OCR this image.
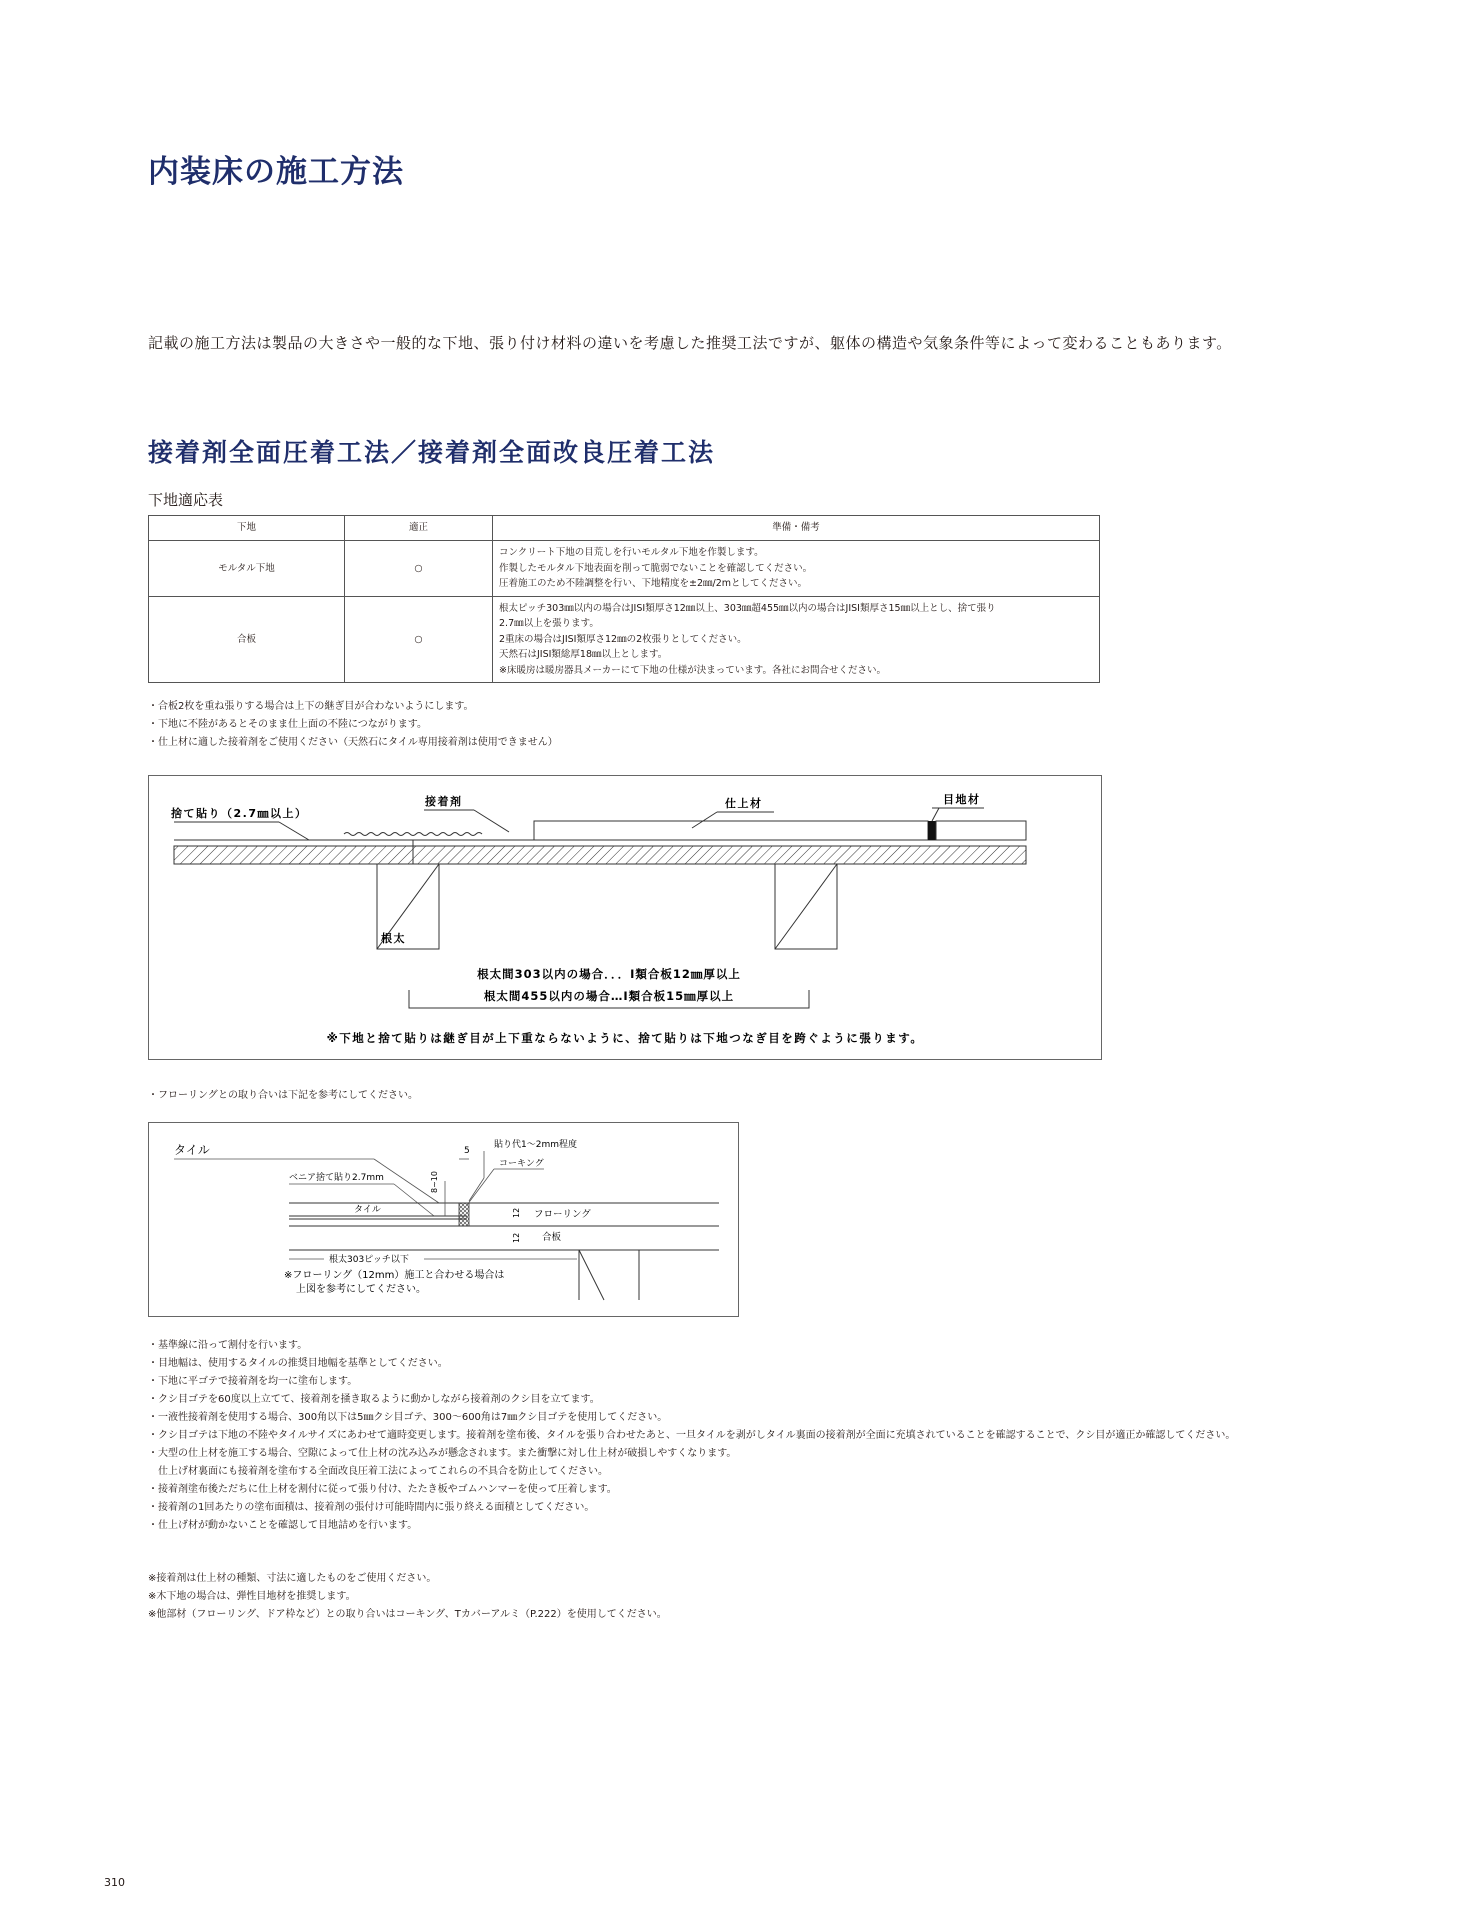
内装床の施工方法
記載の施工方法は製品の大きさや一般的な下地、張り付け材料の違いを考慮した推奨工法ですが、躯体の構造や気象条件等によって変わることもあります。
接着剤全面圧着工法／接着剤全面改良圧着工法
下地適応表
下地	適正	準備・備考
モルタル下地	○	コンクリート下地の目荒しを行いモルタル下地を作製します。
作製したモルタル下地表面を削って脆弱でないことを確認してください。
圧着施工のため不陸調整を行い、下地精度を±2㎜/2mとしてください。

合板	○	根太ピッチ303㎜以内の場合はJISⅠ類厚さ12㎜以上、303㎜超455㎜以内の場合はJISⅠ類厚さ15㎜以上とし、捨て張り
2.7㎜以上を張ります。
2重床の場合はJISⅠ類厚さ12㎜の2枚張りとしてください。
天然石はJISⅠ類総厚18㎜以上とします。
※床暖房は暖房器具メーカーにて下地の仕様が決まっています。各社にお問合せください。
・合板2枚を重ね張りする場合は上下の継ぎ目が合わないようにします。
・下地に不陸があるとそのまま仕上面の不陸につながります。
・仕上材に適した接着剤をご使用ください（天然石にタイル専用接着剤は使用できません）
捨て貼り（2.7㎜以上）
接着剤	仕上材	目地材
根太
根太間303以内の場合．．．Ⅰ類合板12㎜厚以上
根太間455以内の場合…Ⅰ類合板15㎜厚以上
※下地と捨て貼りは継ぎ目が上下重ならないように、捨て貼りは下地つなぎ目を跨ぐように張ります。
・フローリングとの取り合いは下記を参考にしてください。
タイル
ベニア捨て貼り2.7mm
タイル
5
8~10
貼り代1～2mm程度
コーキング
12 フローリング
12 合板
根太303ピッチ以下
※フローリング（12mm）施工と合わせる場合は
上図を参考にしてください。
・基準線に沿って割付を行います。
・目地幅は、使用するタイルの推奨目地幅を基準としてください。
・下地に平ゴテで接着剤を均一に塗布します。
・クシ目ゴテを60度以上立てて、接着剤を掻き取るように動かしながら接着剤のクシ目を立てます。
・一液性接着剤を使用する場合、300角以下は5㎜クシ目ゴテ、300～600角は7㎜クシ目ゴテを使用してください。
・クシ目ゴテは下地の不陸やタイルサイズにあわせて適時変更します。接着剤を塗布後、タイルを張り合わせたあと、一旦タイルを剥がしタイル裏面の接着剤が全面に充填されていることを確認することで、クシ目が適正か確認してください。
・大型の仕上材を施工する場合、空隙によって仕上材の沈み込みが懸念されます。また衝撃に対し仕上材が破損しやすくなります。
　仕上げ材裏面にも接着剤を塗布する全面改良圧着工法によってこれらの不具合を防止してください。
・接着剤塗布後ただちに仕上材を割付に従って張り付け、たたき板やゴムハンマーを使って圧着します。
・接着剤の1回あたりの塗布面積は、接着剤の張付け可能時間内に張り終える面積としてください。
・仕上げ材が動かないことを確認して目地詰めを行います。
※接着剤は仕上材の種類、寸法に適したものをご使用ください。
※木下地の場合は、弾性目地材を推奨します。
※他部材（フローリング、ドア枠など）との取り合いはコーキング、Tカバーアルミ（P.222）を使用してください。
310
